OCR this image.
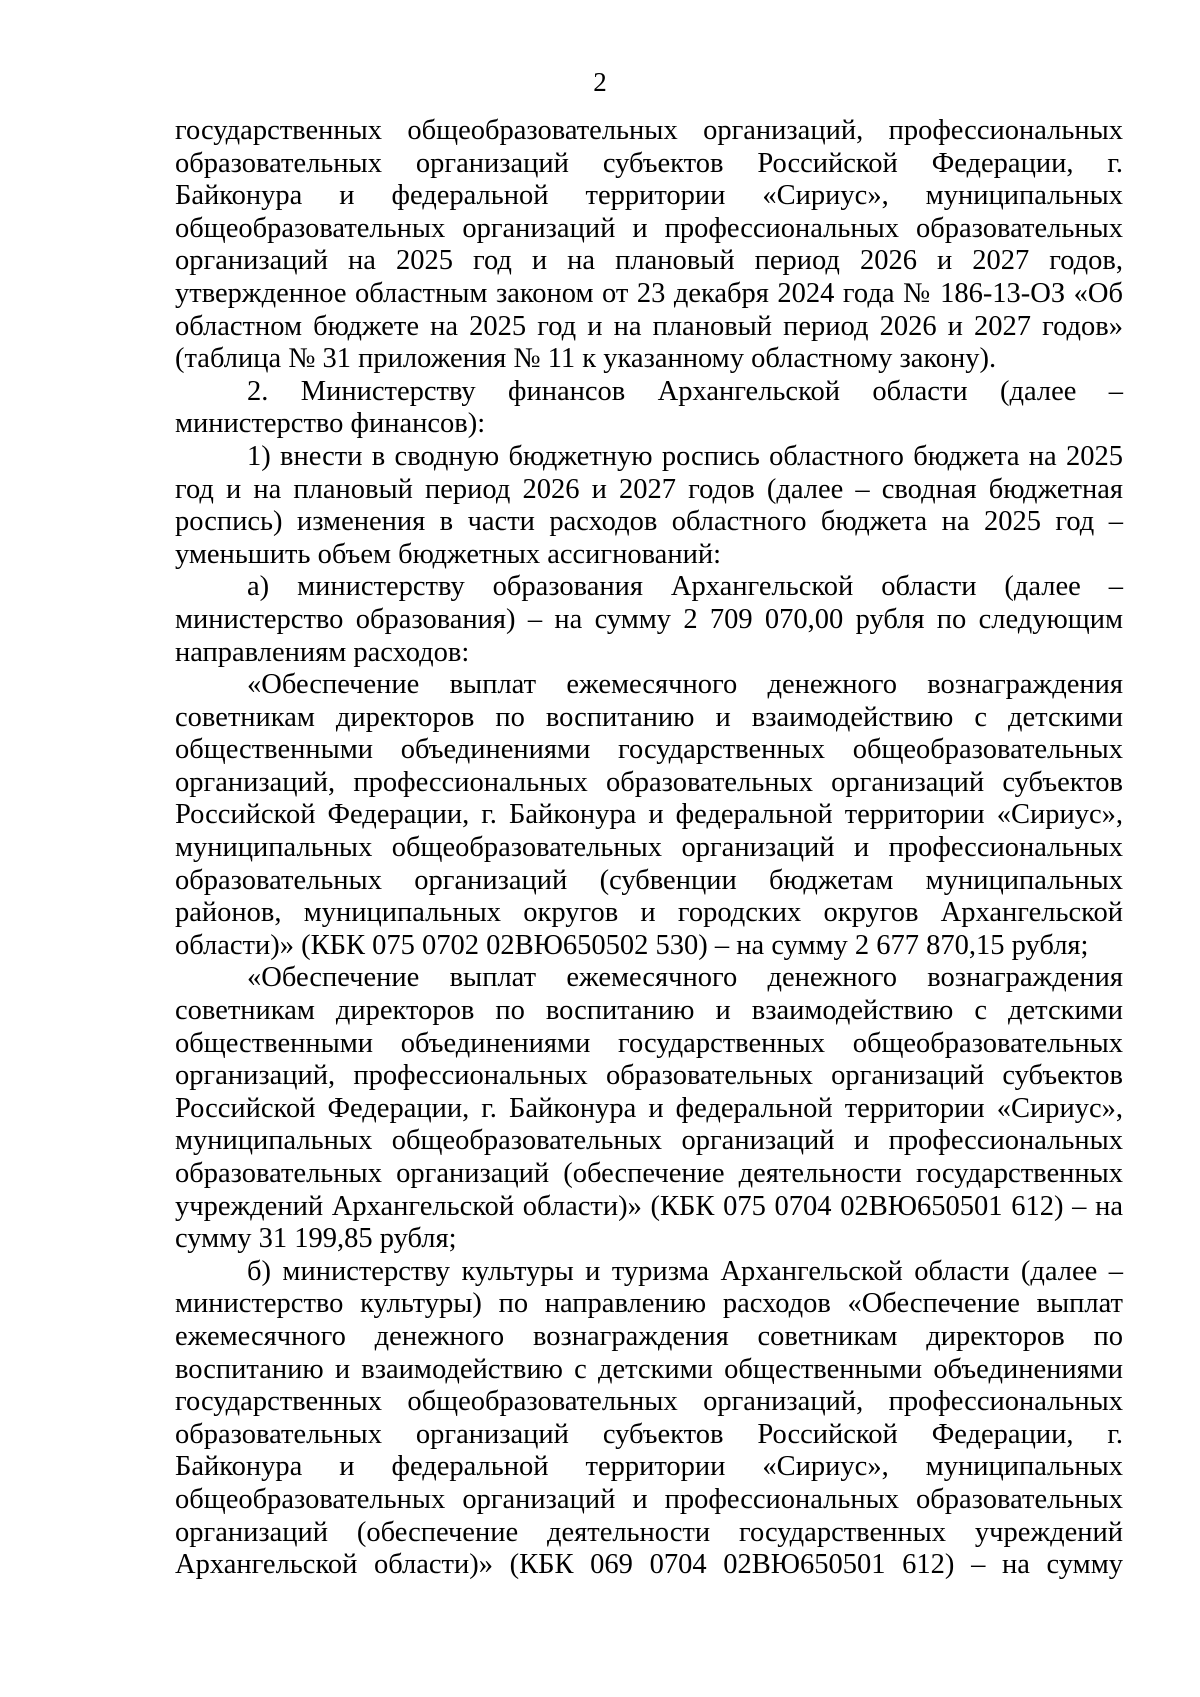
2

государственных общеобразовательных организаций, профессиональных образовательных организаций субъектов Российской Федерации, г. Байконура и федеральной территории «Сириус», муниципальных общеобразовательных организаций и профессиональных образовательных организаций на 2025 год и на плановый период 2026 и 2027 годов, утвержденное областным законом от 23 декабря 2024 года № 186-13-ОЗ «Об областном бюджете на 2025 год и на плановый период 2026 и 2027 годов» (таблица № 31 приложения № 11 к указанному областному закону).

2. Министерству финансов Архангельской области (далее – министерство финансов):

1) внести в сводную бюджетную роспись областного бюджета на 2025 год и на плановый период 2026 и 2027 годов (далее – сводная бюджетная роспись) изменения в части расходов областного бюджета на 2025 год – уменьшить объем бюджетных ассигнований:

а) министерству образования Архангельской области (далее – министерство образования) – на сумму 2 709 070,00 рубля по следующим направлениям расходов:

«Обеспечение выплат ежемесячного денежного вознаграждения советникам директоров по воспитанию и взаимодействию с детскими общественными объединениями государственных общеобразовательных организаций, профессиональных образовательных организаций субъектов Российской Федерации, г. Байконура и федеральной территории «Сириус», муниципальных общеобразовательных организаций и профессиональных образовательных организаций (субвенции бюджетам муниципальных районов, муниципальных округов и городских округов Архангельской области)» (КБК 075 0702 02ВЮ650502 530) – на сумму 2 677 870,15 рубля;

«Обеспечение выплат ежемесячного денежного вознаграждения советникам директоров по воспитанию и взаимодействию с детскими общественными объединениями государственных общеобразовательных организаций, профессиональных образовательных организаций субъектов Российской Федерации, г. Байконура и федеральной территории «Сириус», муниципальных общеобразовательных организаций и профессиональных образовательных организаций (обеспечение деятельности государственных учреждений Архангельской области)» (КБК 075 0704 02ВЮ650501 612) – на сумму 31 199,85 рубля;

б) министерству культуры и туризма Архангельской области (далее – министерство культуры) по направлению расходов «Обеспечение выплат ежемесячного денежного вознаграждения советникам директоров по воспитанию и взаимодействию с детскими общественными объединениями государственных общеобразовательных организаций, профессиональных образовательных организаций субъектов Российской Федерации, г. Байконура и федеральной территории «Сириус», муниципальных общеобразовательных организаций и профессиональных образовательных организаций (обеспечение деятельности государственных учреждений Архангельской области)» (КБК 069 0704 02ВЮ650501 612) – на сумму
